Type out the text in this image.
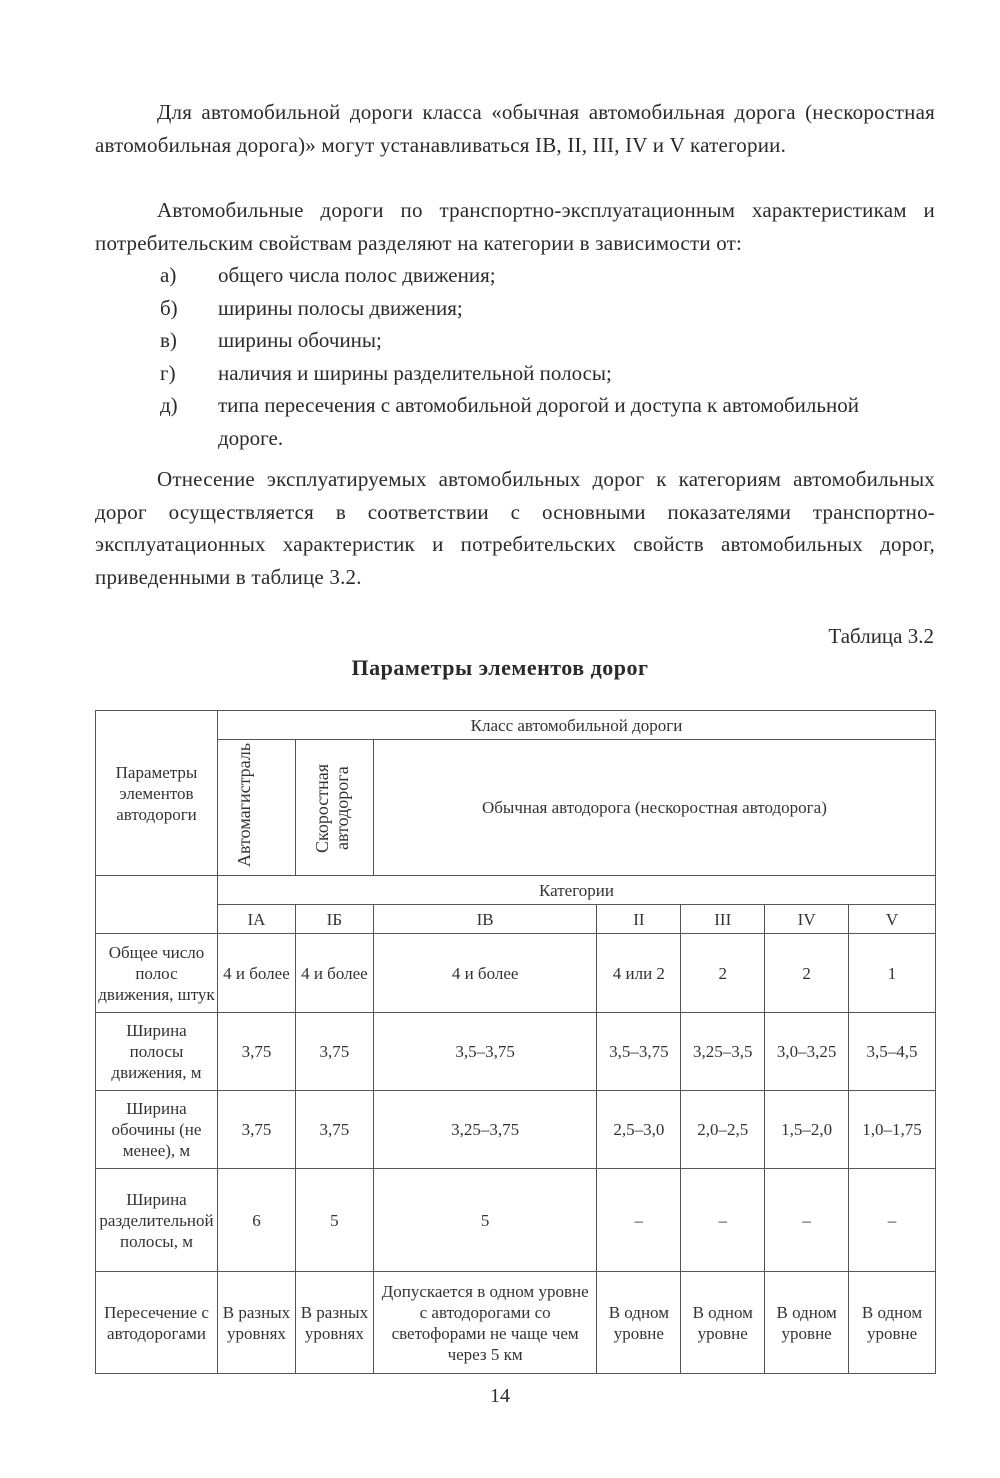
Для автомобильной дороги класса «обычная автомобильная дорога (нескоростная автомобильная дорога)» могут устанавливаться IB, II, III, IV и V категории.

Автомобильные дороги по транспортно-эксплуатационным характеристикам и потребительским свойствам разделяют на категории в зависимости от:

а)	общего числа полос движения;
б)	ширины полосы движения;
в)	ширины обочины;
г)	наличия и ширины разделительной полосы;
д)	типа пересечения с автомобильной дорогой и доступа к автомобильной дороге.

Отнесение эксплуатируемых автомобильных дорог к категориям автомобильных дорог осуществляется в соответствии с основными показателями транспортно-эксплуатационных характеристик и потребительских свойств автомобильных дорог, приведенными в таблице 3.2.

Таблица 3.2
Параметры элементов дорог
Параметры элементов автодороги	Класс автомобильной дороги						

	Автомагистраль	Скоростная автодорога	Обычная автодорога (нескоростная автодорога)				
	Категории						
	IA	IБ	IB	II	III	IV	V
Общее число полос движения, штук	4 и более	4 и более	4 и более	4 или 2	2	2	1
Ширина полосы движения, м	3,75	3,75	3,5–3,75	3,5–3,75	3,25–3,5	3,0–3,25	3,5–4,5
Ширина обочины (не менее), м	3,75	3,75	3,25–3,75	2,5–3,0	2,0–2,5	1,5–2,0	1,0–1,75
Ширина разделительной полосы, м	6	5	5	–	–	–	–
Пересечение с автодорогами	В разных уровнях	В разных уровнях	Допускается в одном уровне с автодорогами со светофорами не чаще чем через 5 км	В одном уровне	В одном уровне	В одном уровне	В одном уровне
14
